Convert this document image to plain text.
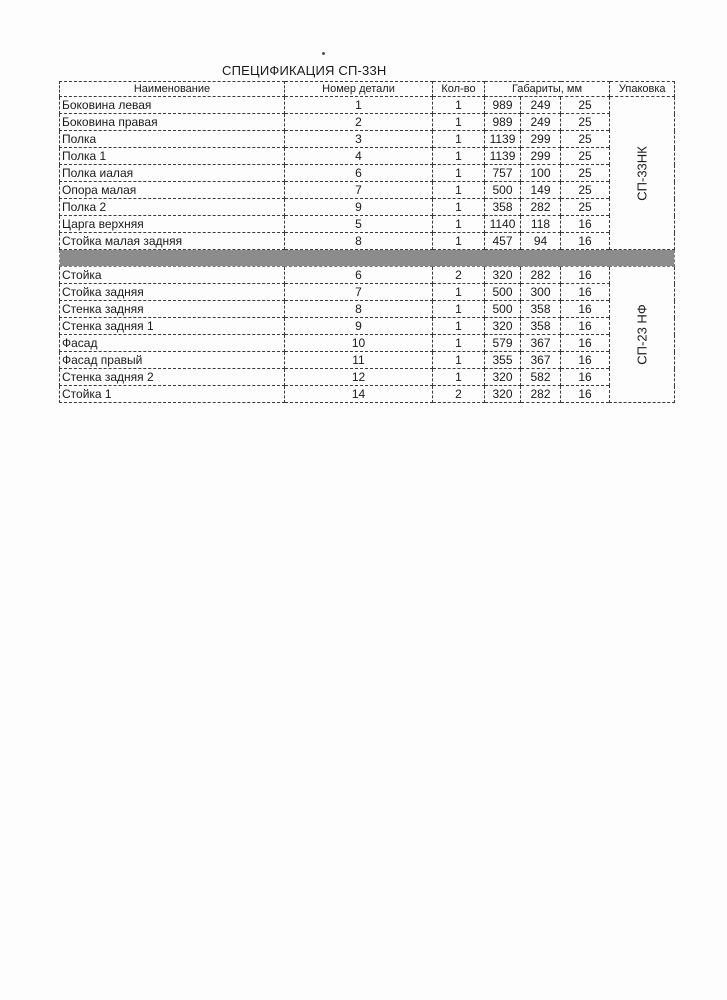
СПЕЦИФИКАЦИЯ СП-33Н
Наименование	Номер детали	Кол-во	Габариты, мм			Упаковка
Боковина левая	1	1	989	249	25	СП-33НК
Боковина правая	2	1	989	249	25	
Полка	3	1	1139	299	25	
Полка 1	4	1	1139	299	25	
Полка иалая	6	1	757	100	25	
Опора малая	7	1	500	149	25	
Полка 2	9	1	358	282	25	
Царга верхняя	5	1	1140	118	16	
Стойка малая задняя	8	1	457	94	16	

Стойка	6	2	320	282	16	СП-23 НФ
Стойка задняя	7	1	500	300	16	
Стенка задняя	8	1	500	358	16	
Стенка задняя 1	9	1	320	358	16	
Фасад	10	1	579	367	16	
Фасад правый	11	1	355	367	16	
Стенка задняя 2	12	1	320	582	16	
Стойка 1	14	2	320	282	16	
